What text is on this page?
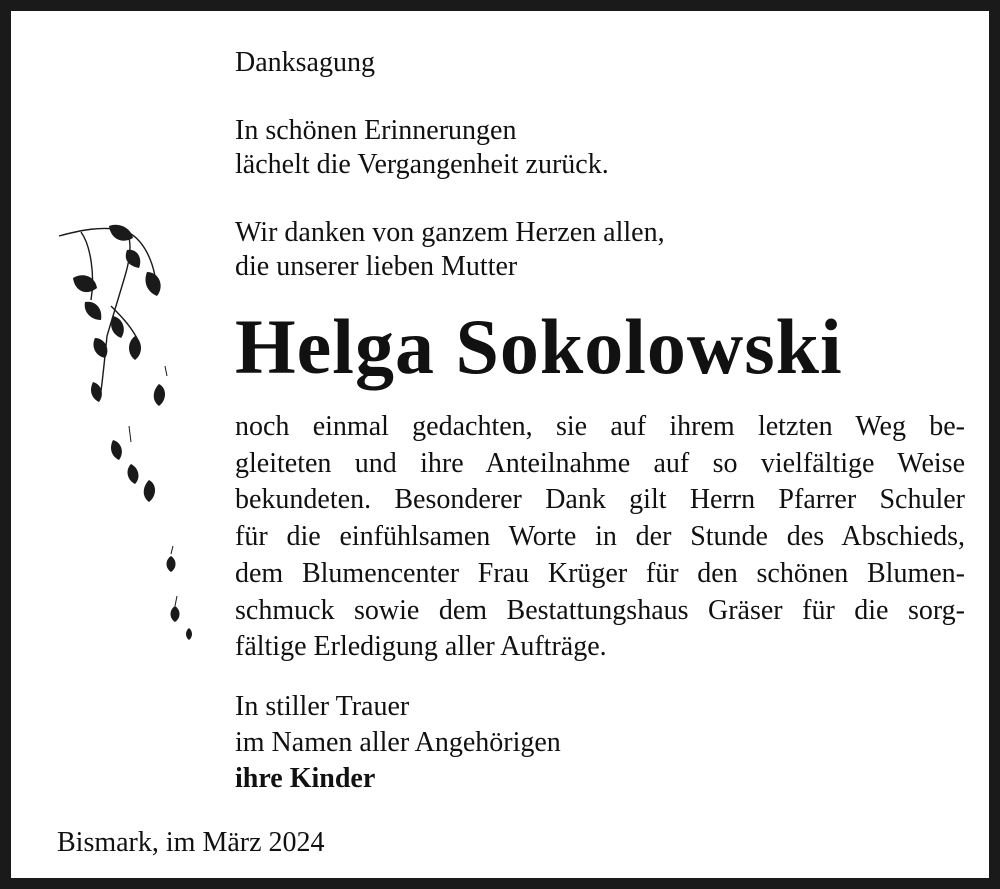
Danksagung

In schönen Erinnerungen
lächelt die Vergangenheit zurück.
Wir danken von ganzem Herzen allen,
die unserer lieben Mutter
Helga Sokolowski
noch einmal gedachten, sie auf ihrem letzten Weg be-
gleiteten und ihre Anteilnahme auf so vielfältige Weise
bekundeten. Besonderer Dank gilt Herrn Pfarrer Schuler
für die einfühlsamen Worte in der Stunde des Abschieds,
dem Blumencenter Frau Krüger für den schönen Blumen-
schmuck sowie dem Bestattungshaus Gräser für die sorg-
fältige Erledigung aller Aufträge.
In stiller Trauer
im Namen aller Angehörigen
ihre Kinder

Bismark, im März 2024
